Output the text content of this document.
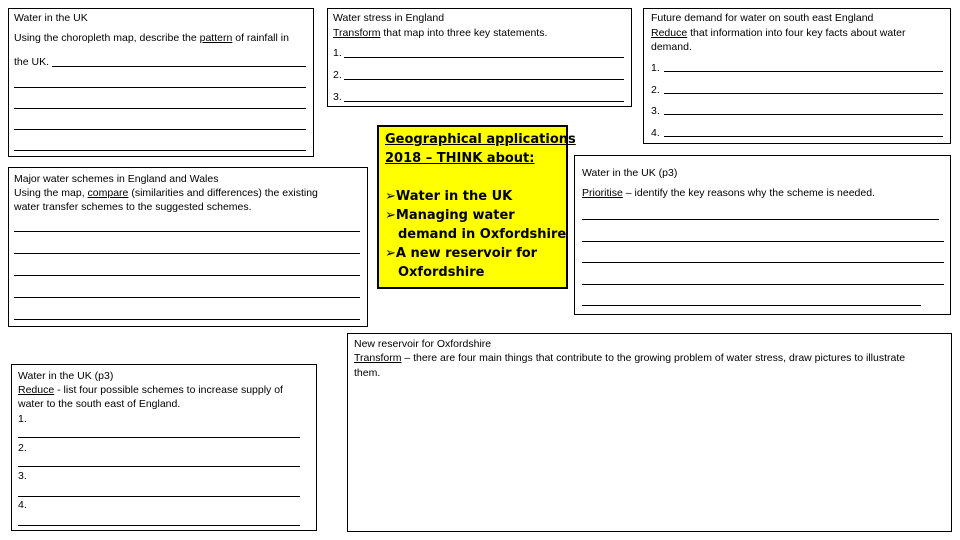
Water in the UK
Using the choropleth map, describe the pattern of rainfall in
the UK.
Water stress in England
Transform that map into three key statements.
1.
2.
3.
Future demand for water on south east England
Reduce that information into four key facts about water
demand.
1.
2.
3.
4.
Major water schemes in England and Wales
Using the map, compare (similarities and differences) the existing
water transfer schemes to the suggested schemes.
Geographical applications
2018 – THINK about:
➢Water in the UK
➢Managing water
demand in Oxfordshire
➢A new reservoir for
Oxfordshire
Water in the UK (p3)
Prioritise – identify the key reasons why the scheme is needed.
Water in the UK (p3)
Reduce - list four possible schemes to increase supply of
water to the south east of England.
1.
2.
3.
4.
New reservoir for Oxfordshire
Transform – there are four main things that contribute to the growing problem of water stress, draw pictures to illustrate
them.
